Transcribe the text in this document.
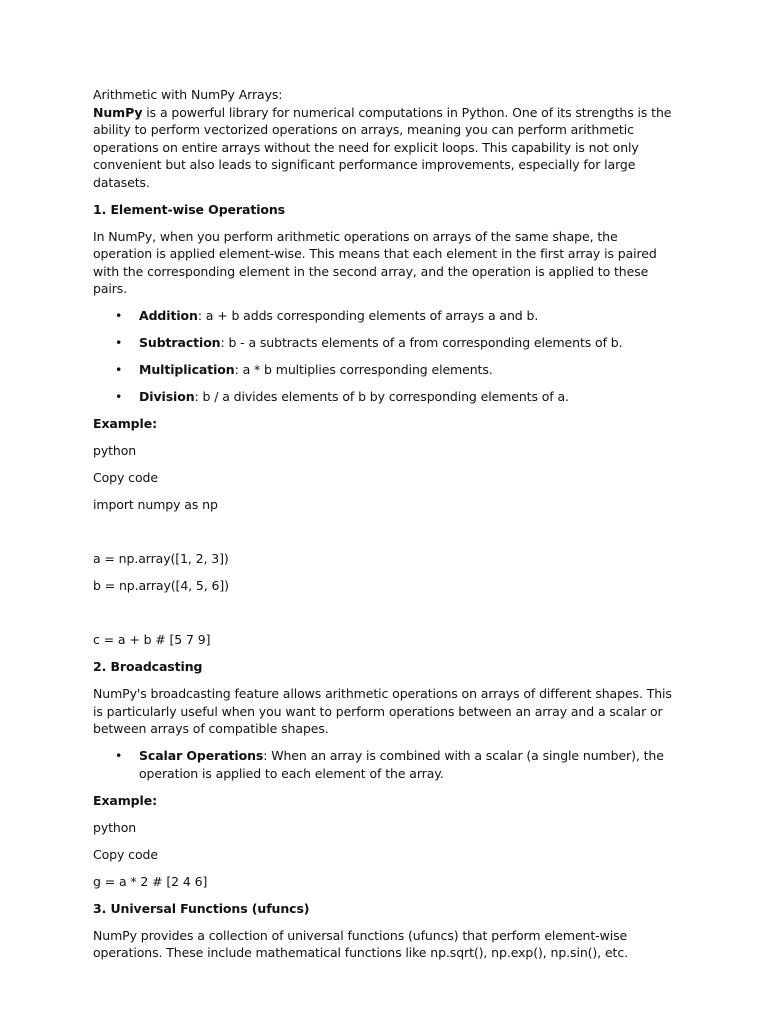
Arithmetic with NumPy Arrays:

NumPy is a powerful library for numerical computations in Python. One of its strengths is the ability to perform vectorized operations on arrays, meaning you can perform arithmetic operations on entire arrays without the need for explicit loops. This capability is not only convenient but also leads to significant performance improvements, especially for large datasets.

1. Element-wise Operations

In NumPy, when you perform arithmetic operations on arrays of the same shape, the operation is applied element-wise. This means that each element in the first array is paired with the corresponding element in the second array, and the operation is applied to these pairs.

• Addition: a + b adds corresponding elements of arrays a and b.
• Subtraction: b - a subtracts elements of a from corresponding elements of b.
• Multiplication: a * b multiplies corresponding elements.
• Division: b / a divides elements of b by corresponding elements of a.

Example:

python

Copy code

import numpy as np

a = np.array([1, 2, 3])

b = np.array([4, 5, 6])

c = a + b # [5 7 9]

2. Broadcasting

NumPy's broadcasting feature allows arithmetic operations on arrays of different shapes. This is particularly useful when you want to perform operations between an array and a scalar or between arrays of compatible shapes.

• Scalar Operations: When an array is combined with a scalar (a single number), the operation is applied to each element of the array.

Example:

python

Copy code

g = a * 2 # [2 4 6]

3. Universal Functions (ufuncs)

NumPy provides a collection of universal functions (ufuncs) that perform element-wise operations. These include mathematical functions like np.sqrt(), np.exp(), np.sin(), etc.
